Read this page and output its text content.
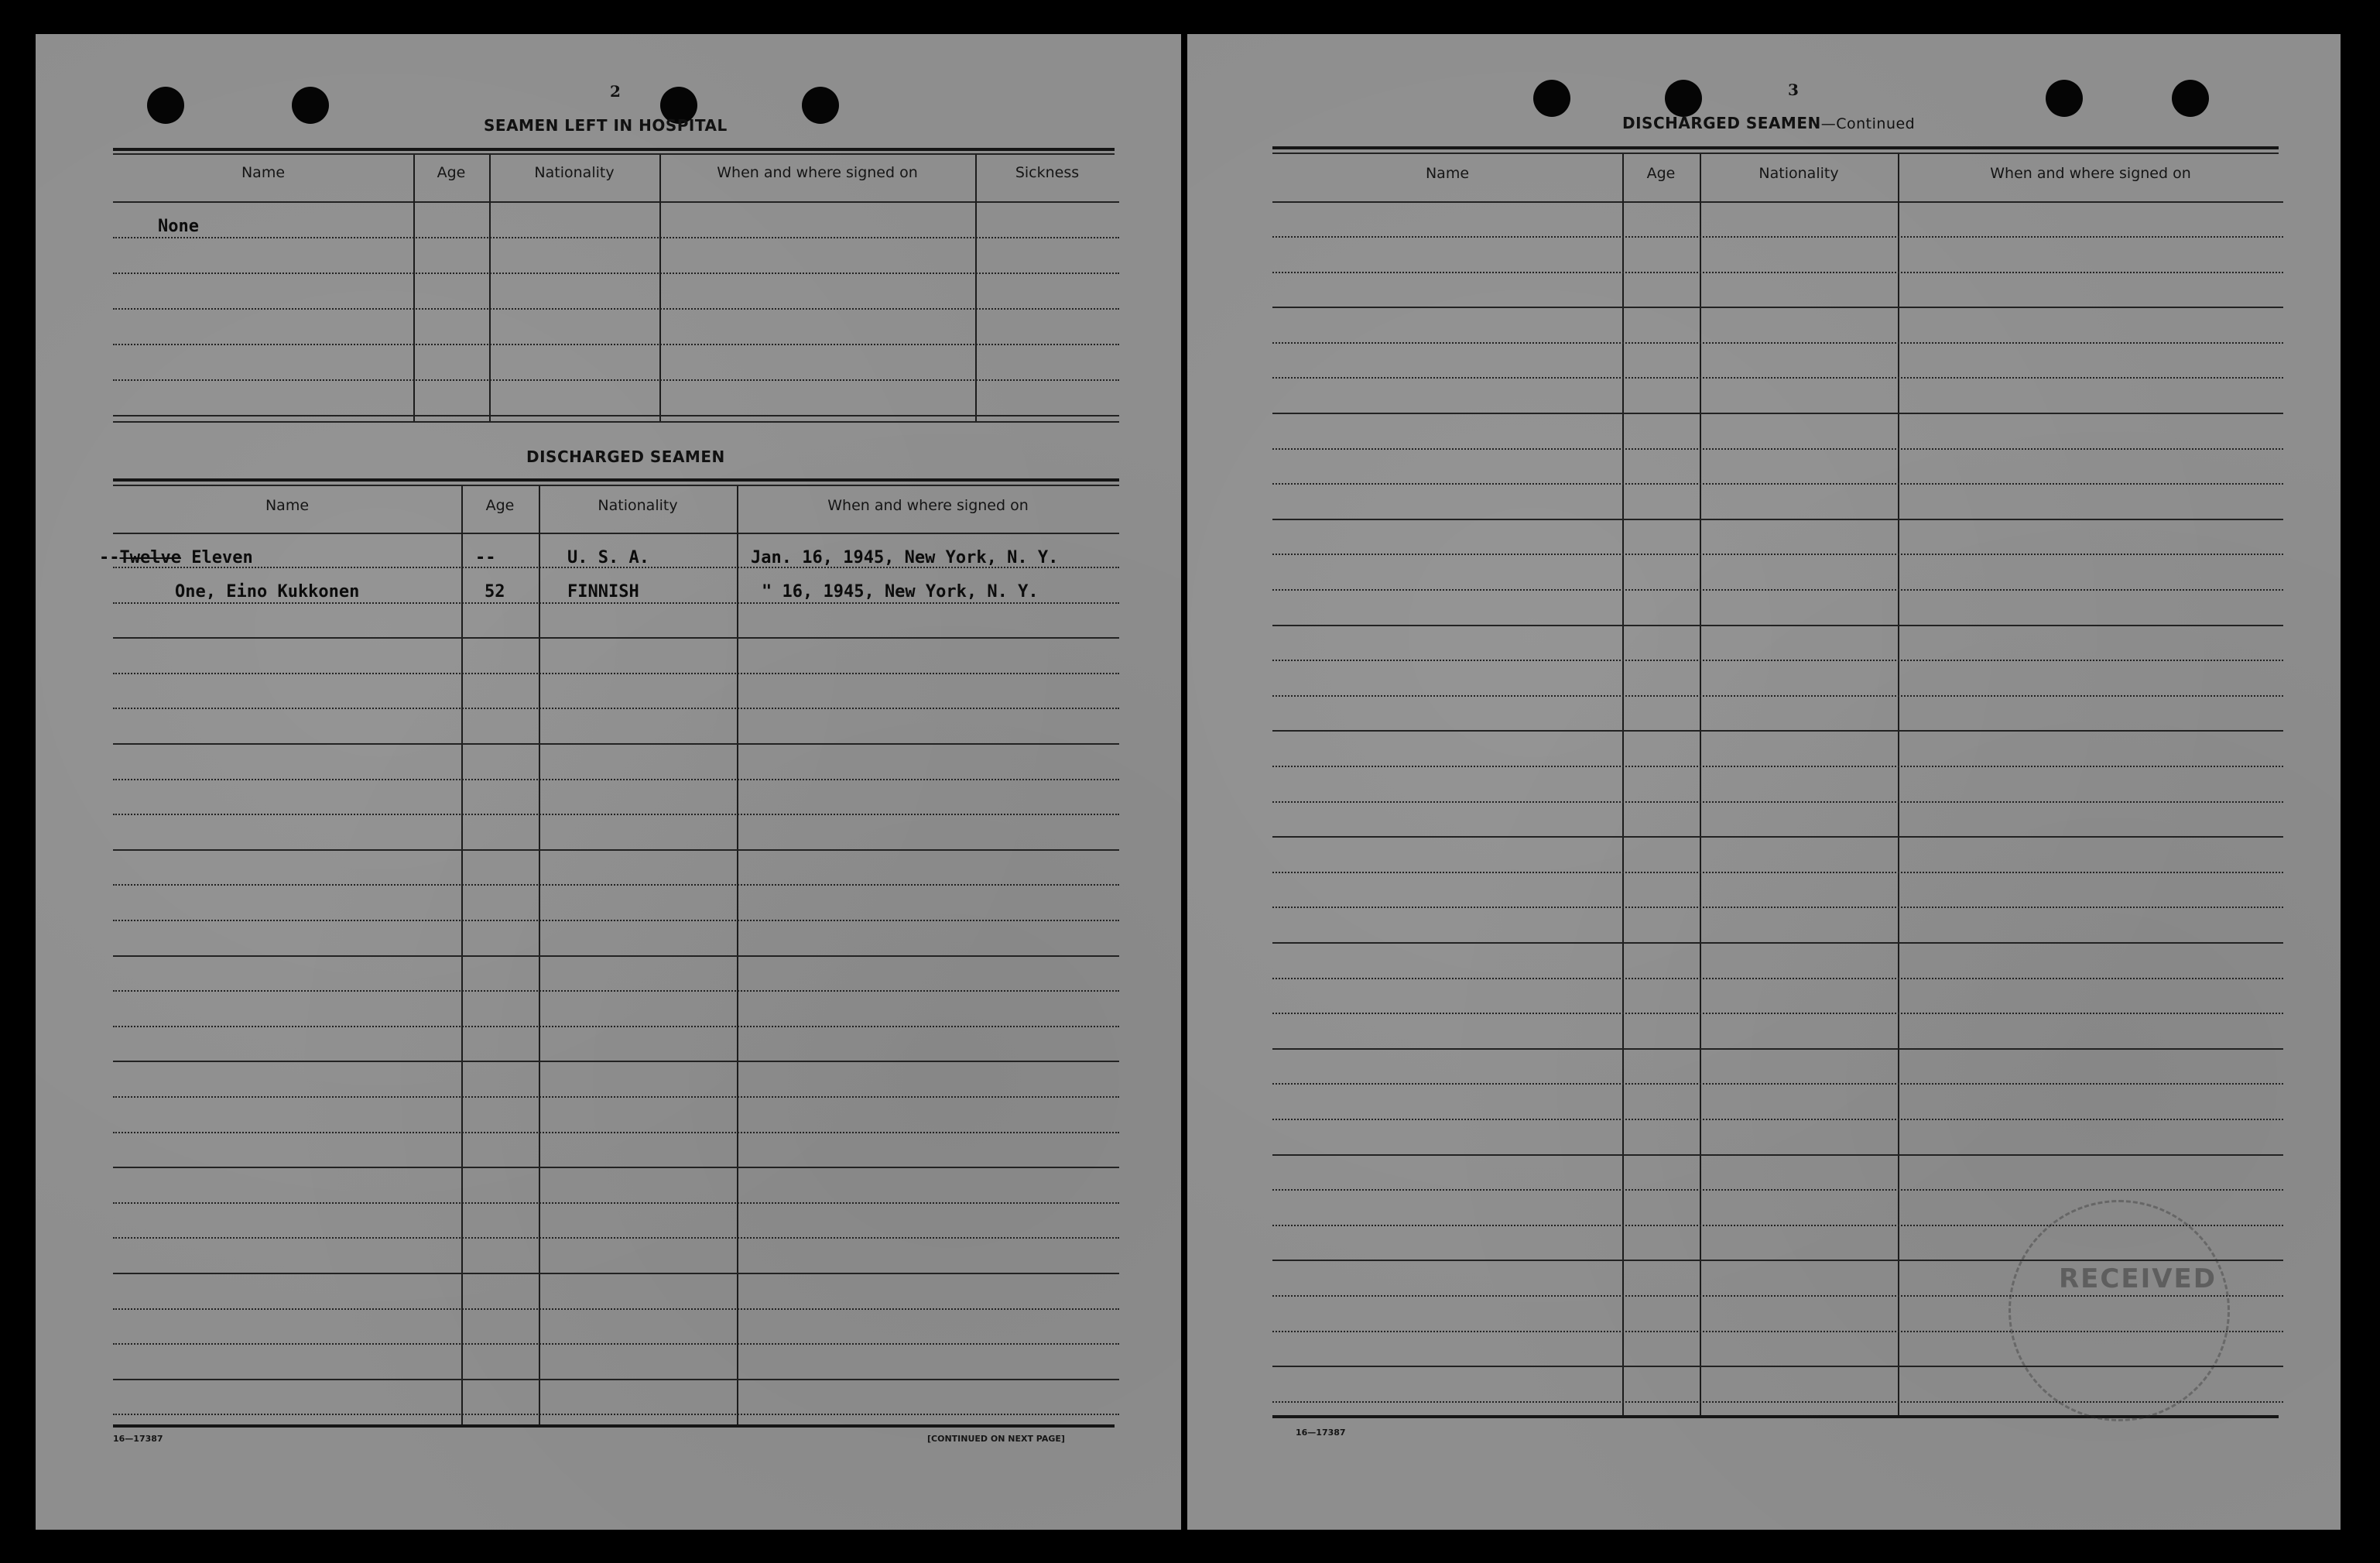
2
SEAMEN LEFT IN HOSPITAL
Name	Age	Nationality	When and where signed on	Sickness
None
DISCHARGED SEAMEN
Name	Age	Nationality	When and where signed on
--Twelve Eleven	--	U. S. A.	Jan. 16, 1945, New York, N. Y.
One, Eino Kukkonen	52	FINNISH	" 16, 1945, New York, N. Y.
16—17387	[CONTINUED ON NEXT PAGE]
3
DISCHARGED SEAMEN—Continued
Name	Age	Nationality	When and where signed on
16—17387
RECEIVED
